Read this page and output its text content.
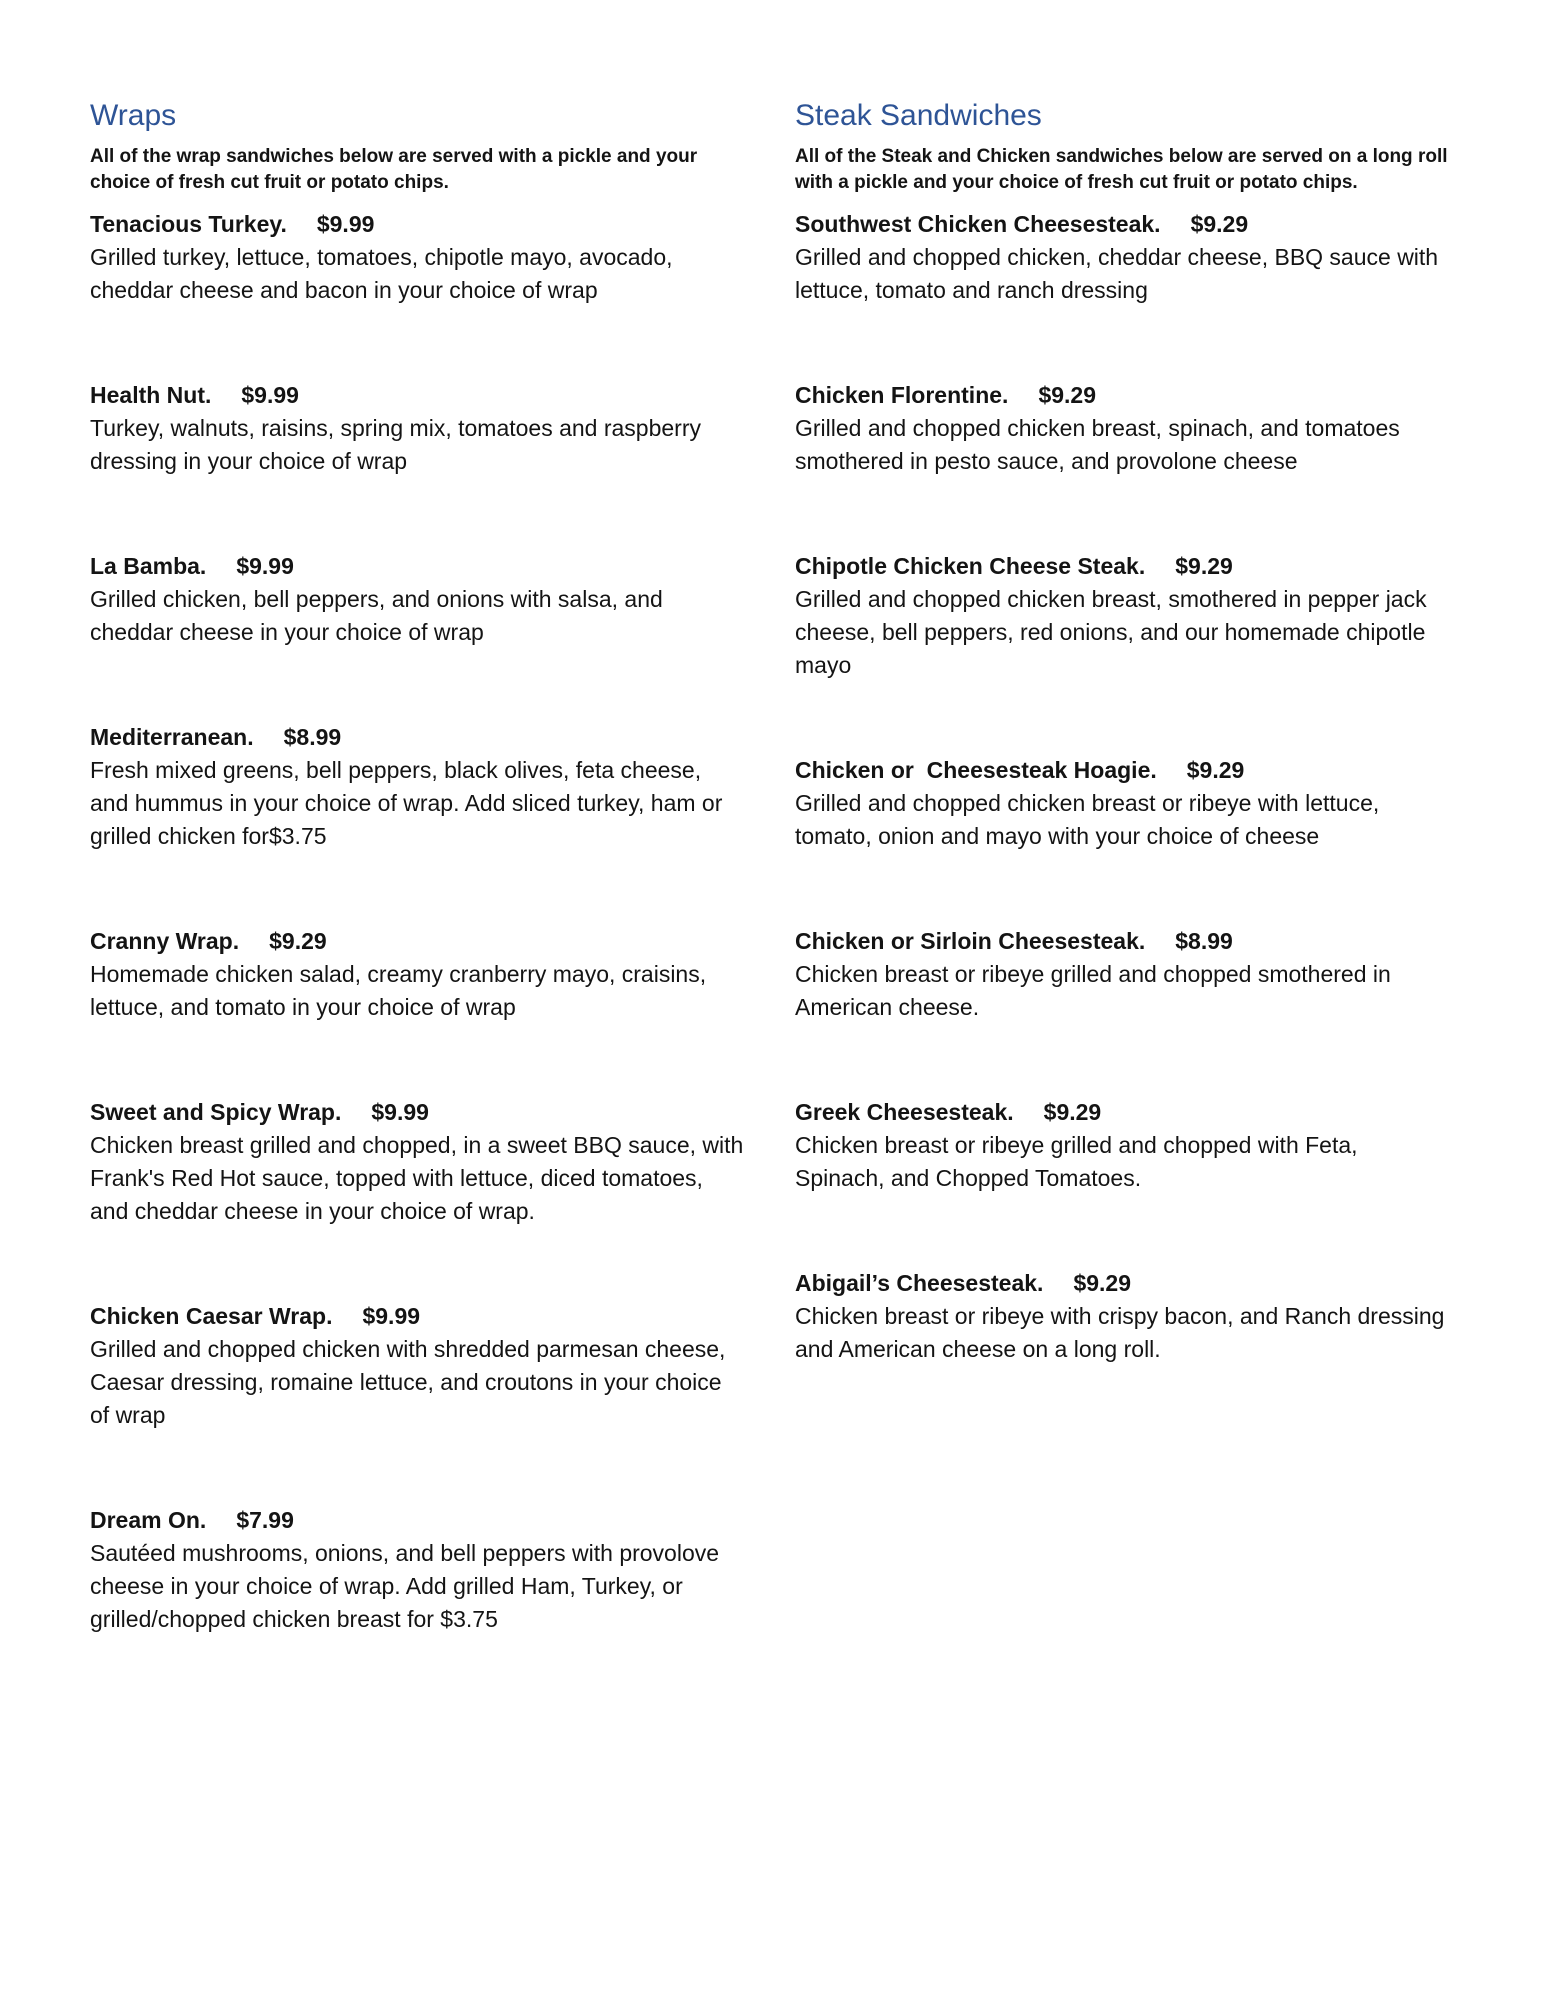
Wraps

All of the wrap sandwiches below are served with a pickle and your choice of fresh cut fruit or potato chips.

Tenacious Turkey. $9.99

Grilled turkey, lettuce, tomatoes, chipotle mayo, avocado, cheddar cheese and bacon in your choice of wrap

Health Nut. $9.99

Turkey, walnuts, raisins, spring mix, tomatoes and raspberry dressing in your choice of wrap

La Bamba. $9.99

Grilled chicken, bell peppers, and onions with salsa, and cheddar cheese in your choice of wrap

Mediterranean. $8.99

Fresh mixed greens, bell peppers, black olives, feta cheese, and hummus in your choice of wrap. Add sliced turkey, ham or grilled chicken for$3.75

Cranny Wrap. $9.29

Homemade chicken salad, creamy cranberry mayo, craisins, lettuce, and tomato in your choice of wrap

Sweet and Spicy Wrap. $9.99

Chicken breast grilled and chopped, in a sweet BBQ sauce, with Frank's Red Hot sauce, topped with lettuce, diced tomatoes, and cheddar cheese in your choice of wrap.

Chicken Caesar Wrap. $9.99

Grilled and chopped chicken with shredded parmesan cheese, Caesar dressing, romaine lettuce, and croutons in your choice of wrap

Dream On. $7.99

Sautéed mushrooms, onions, and bell peppers with provolove cheese in your choice of wrap. Add grilled Ham, Turkey, or grilled/chopped chicken breast for $3.75

Steak Sandwiches

All of the Steak and Chicken sandwiches below are served on a long roll with a pickle and your choice of fresh cut fruit or potato chips.

Southwest Chicken Cheesesteak. $9.29

Grilled and chopped chicken, cheddar cheese, BBQ sauce with lettuce, tomato and ranch dressing

Chicken Florentine. $9.29

Grilled and chopped chicken breast, spinach, and tomatoes smothered in pesto sauce, and provolone cheese

Chipotle Chicken Cheese Steak. $9.29

Grilled and chopped chicken breast, smothered in pepper jack cheese, bell peppers, red onions, and our homemade chipotle mayo

Chicken or  Cheesesteak Hoagie. $9.29

Grilled and chopped chicken breast or ribeye with lettuce, tomato, onion and mayo with your choice of cheese

Chicken or Sirloin Cheesesteak. $8.99

Chicken breast or ribeye grilled and chopped smothered in American cheese.

Greek Cheesesteak. $9.29

Chicken breast or ribeye grilled and chopped with Feta, Spinach, and Chopped Tomatoes.

Abigail’s Cheesesteak. $9.29

Chicken breast or ribeye with crispy bacon, and Ranch dressing and American cheese on a long roll.
